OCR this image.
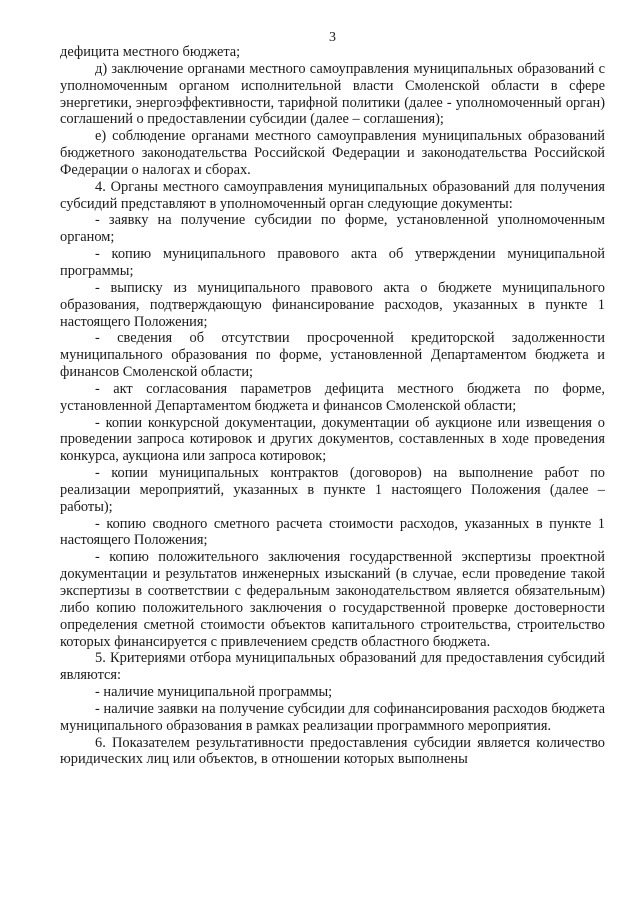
3

дефицита местного бюджета;

д) заключение органами местного самоуправления муниципальных образований с уполномоченным органом исполнительной власти Смоленской области в сфере энергетики, энергоэффективности, тарифной политики (далее - уполномоченный орган) соглашений о предоставлении субсидии (далее – соглашения);

е) соблюдение органами местного самоуправления муниципальных образований бюджетного законодательства Российской Федерации и законодательства Российской Федерации о налогах и сборах.

4. Органы местного самоуправления муниципальных образований для получения субсидий представляют в уполномоченный орган следующие документы:

- заявку на получение субсидии по форме, установленной уполномоченным органом;

- копию муниципального правового акта об утверждении муниципальной программы;

- выписку из муниципального правового акта о бюджете муниципального образования, подтверждающую финансирование расходов, указанных в пункте 1 настоящего Положения;

- сведения об отсутствии просроченной кредиторской задолженности муниципального образования по форме, установленной Департаментом бюджета и финансов Смоленской области;

- акт согласования параметров дефицита местного бюджета по форме, установленной Департаментом бюджета и финансов Смоленской области;

- копии конкурсной документации, документации об аукционе или извещения о проведении запроса котировок и других документов, составленных в ходе проведения конкурса, аукциона или запроса котировок;

- копии муниципальных контрактов (договоров) на выполнение работ по реализации мероприятий, указанных в пункте 1 настоящего Положения (далее – работы);

- копию сводного сметного расчета стоимости расходов, указанных в пункте 1 настоящего Положения;

- копию положительного заключения государственной экспертизы проектной документации и результатов инженерных изысканий (в случае, если проведение такой экспертизы в соответствии с федеральным законодательством является обязательным) либо копию положительного заключения о государственной проверке достоверности определения сметной стоимости объектов капитального строительства, строительство которых финансируется с привлечением средств областного бюджета.

5. Критериями отбора муниципальных образований для предоставления субсидий являются:

- наличие муниципальной программы;

- наличие заявки на получение субсидии для софинансирования расходов бюджета муниципального образования в рамках реализации программного мероприятия.

6. Показателем результативности предоставления субсидии является количество юридических лиц или объектов, в отношении которых выполнены
